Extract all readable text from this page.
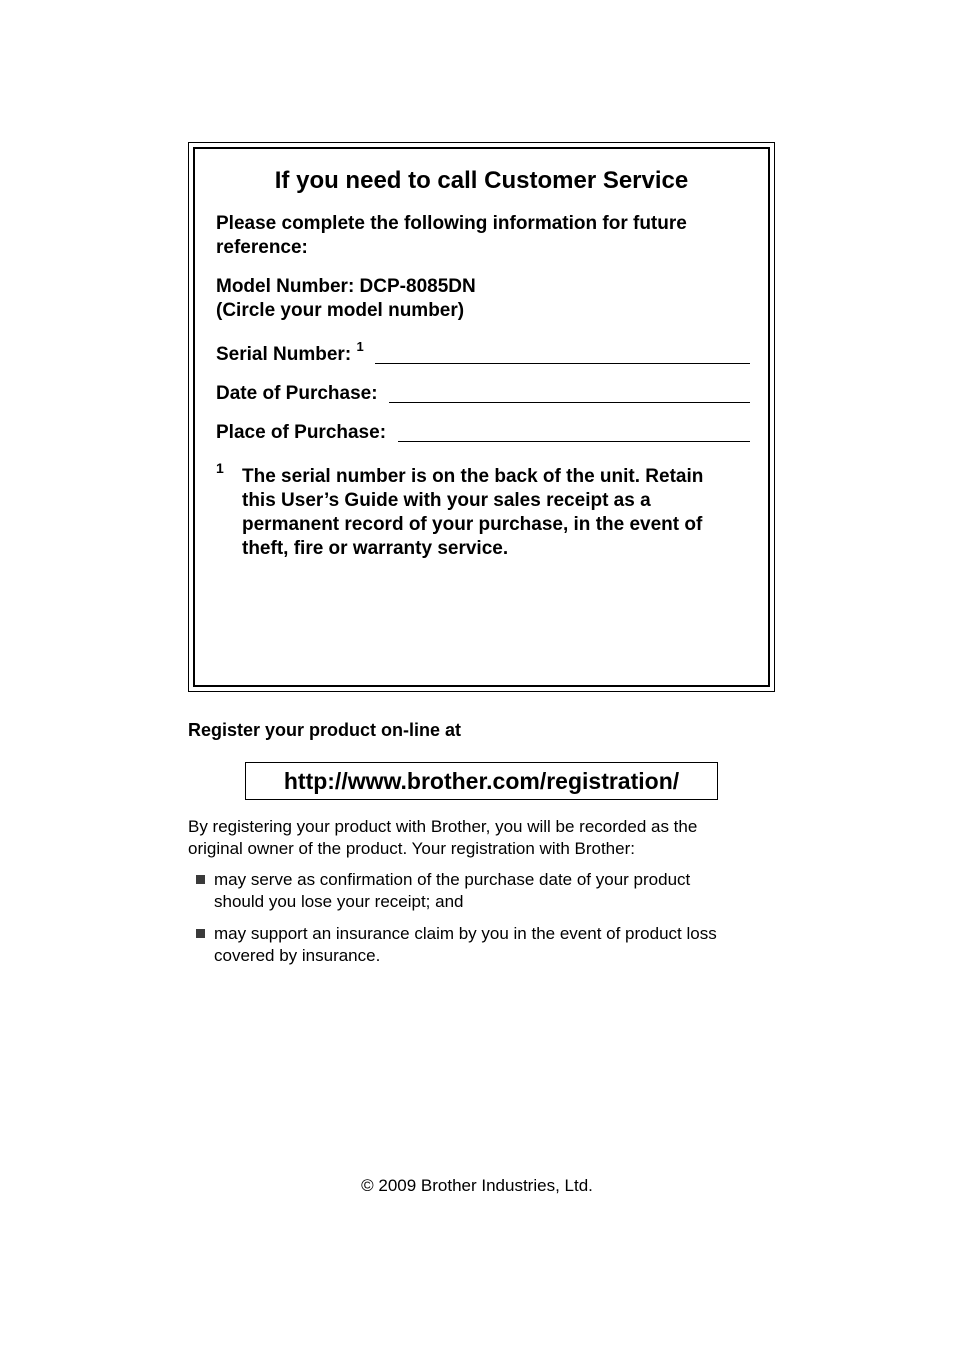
If you need to call Customer Service
Please complete the following information for future
reference:
Model Number: DCP-8085DN
(Circle your model number)
Serial Number: $^1$
Date of Purchase:
Place of Purchase:
1 The serial number is on the back of the unit. Retain
this User’s Guide with your sales receipt as a
permanent record of your purchase, in the event of
theft, fire or warranty service.
Register your product on-line at
http://www.brother.com/registration/
By registering your product with Brother, you will be recorded as the
original owner of the product. Your registration with Brother:
may serve as confirmation of the purchase date of your product
should you lose your receipt; and
may support an insurance claim by you in the event of product loss
covered by insurance.
© 2009 Brother Industries, Ltd.
